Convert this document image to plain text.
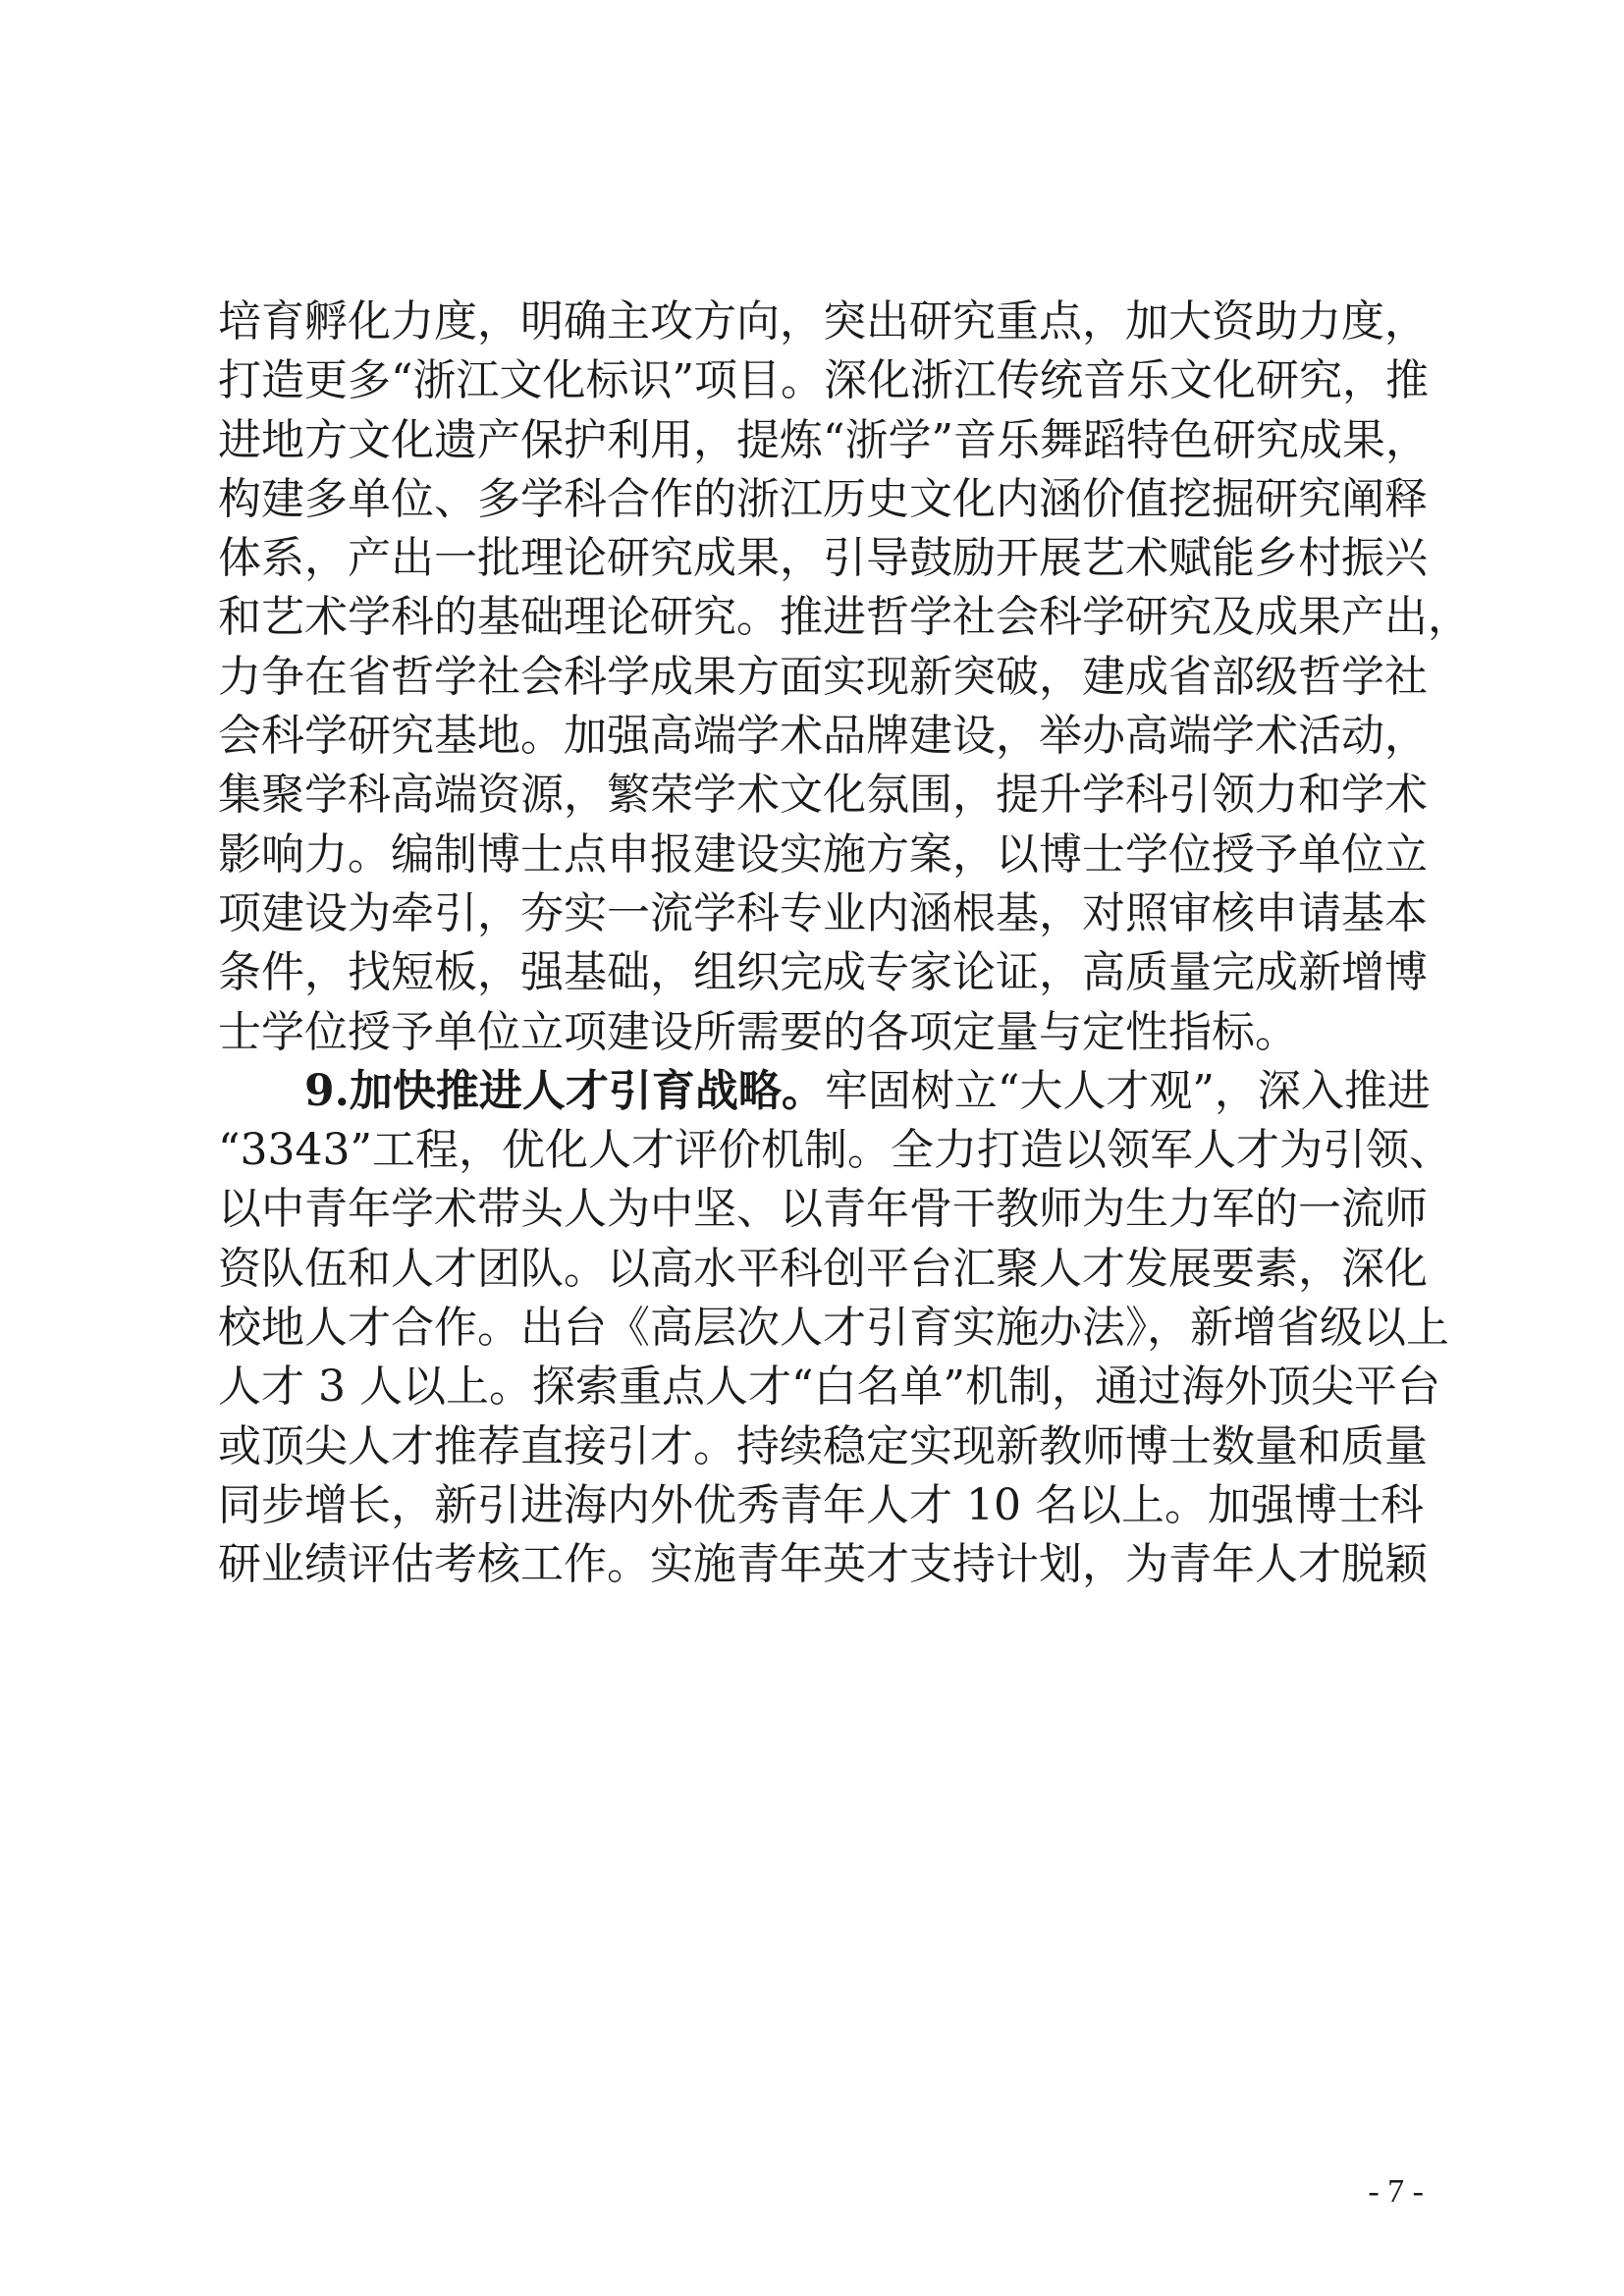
培育孵化力度，明确主攻方向，突出研究重点，加大资助力度，
打造更多“浙江文化标识”项目。深化浙江传统音乐文化研究，推
进地方文化遗产保护利用，提炼“浙学”音乐舞蹈特色研究成果，
构建多单位、多学科合作的浙江历史文化内涵价值挖掘研究阐释
体系，产出一批理论研究成果，引导鼓励开展艺术赋能乡村振兴
和艺术学科的基础理论研究。推进哲学社会科学研究及成果产出，
力争在省哲学社会科学成果方面实现新突破，建成省部级哲学社
会科学研究基地。加强高端学术品牌建设，举办高端学术活动，
集聚学科高端资源，繁荣学术文化氛围，提升学科引领力和学术
影响力。编制博士点申报建设实施方案，以博士学位授予单位立
项建设为牵引，夯实一流学科专业内涵根基，对照审核申请基本
条件，找短板，强基础，组织完成专家论证，高质量完成新增博
士学位授予单位立项建设所需要的各项定量与定性指标。
9.加快推进人才引育战略。牢固树立“大人才观”，深入推进
“3343”工程，优化人才评价机制。全力打造以领军人才为引领、
以中青年学术带头人为中坚、以青年骨干教师为生力军的一流师
资队伍和人才团队。以高水平科创平台汇聚人才发展要素，深化
校地人才合作。出台《高层次人才引育实施办法》，新增省级以上
人才 3 人以上。探索重点人才“白名单”机制，通过海外顶尖平台
或顶尖人才推荐直接引才。持续稳定实现新教师博士数量和质量
同步增长，新引进海内外优秀青年人才 10 名以上。加强博士科
研业绩评估考核工作。实施青年英才支持计划，为青年人才脱颖
- 7 -
